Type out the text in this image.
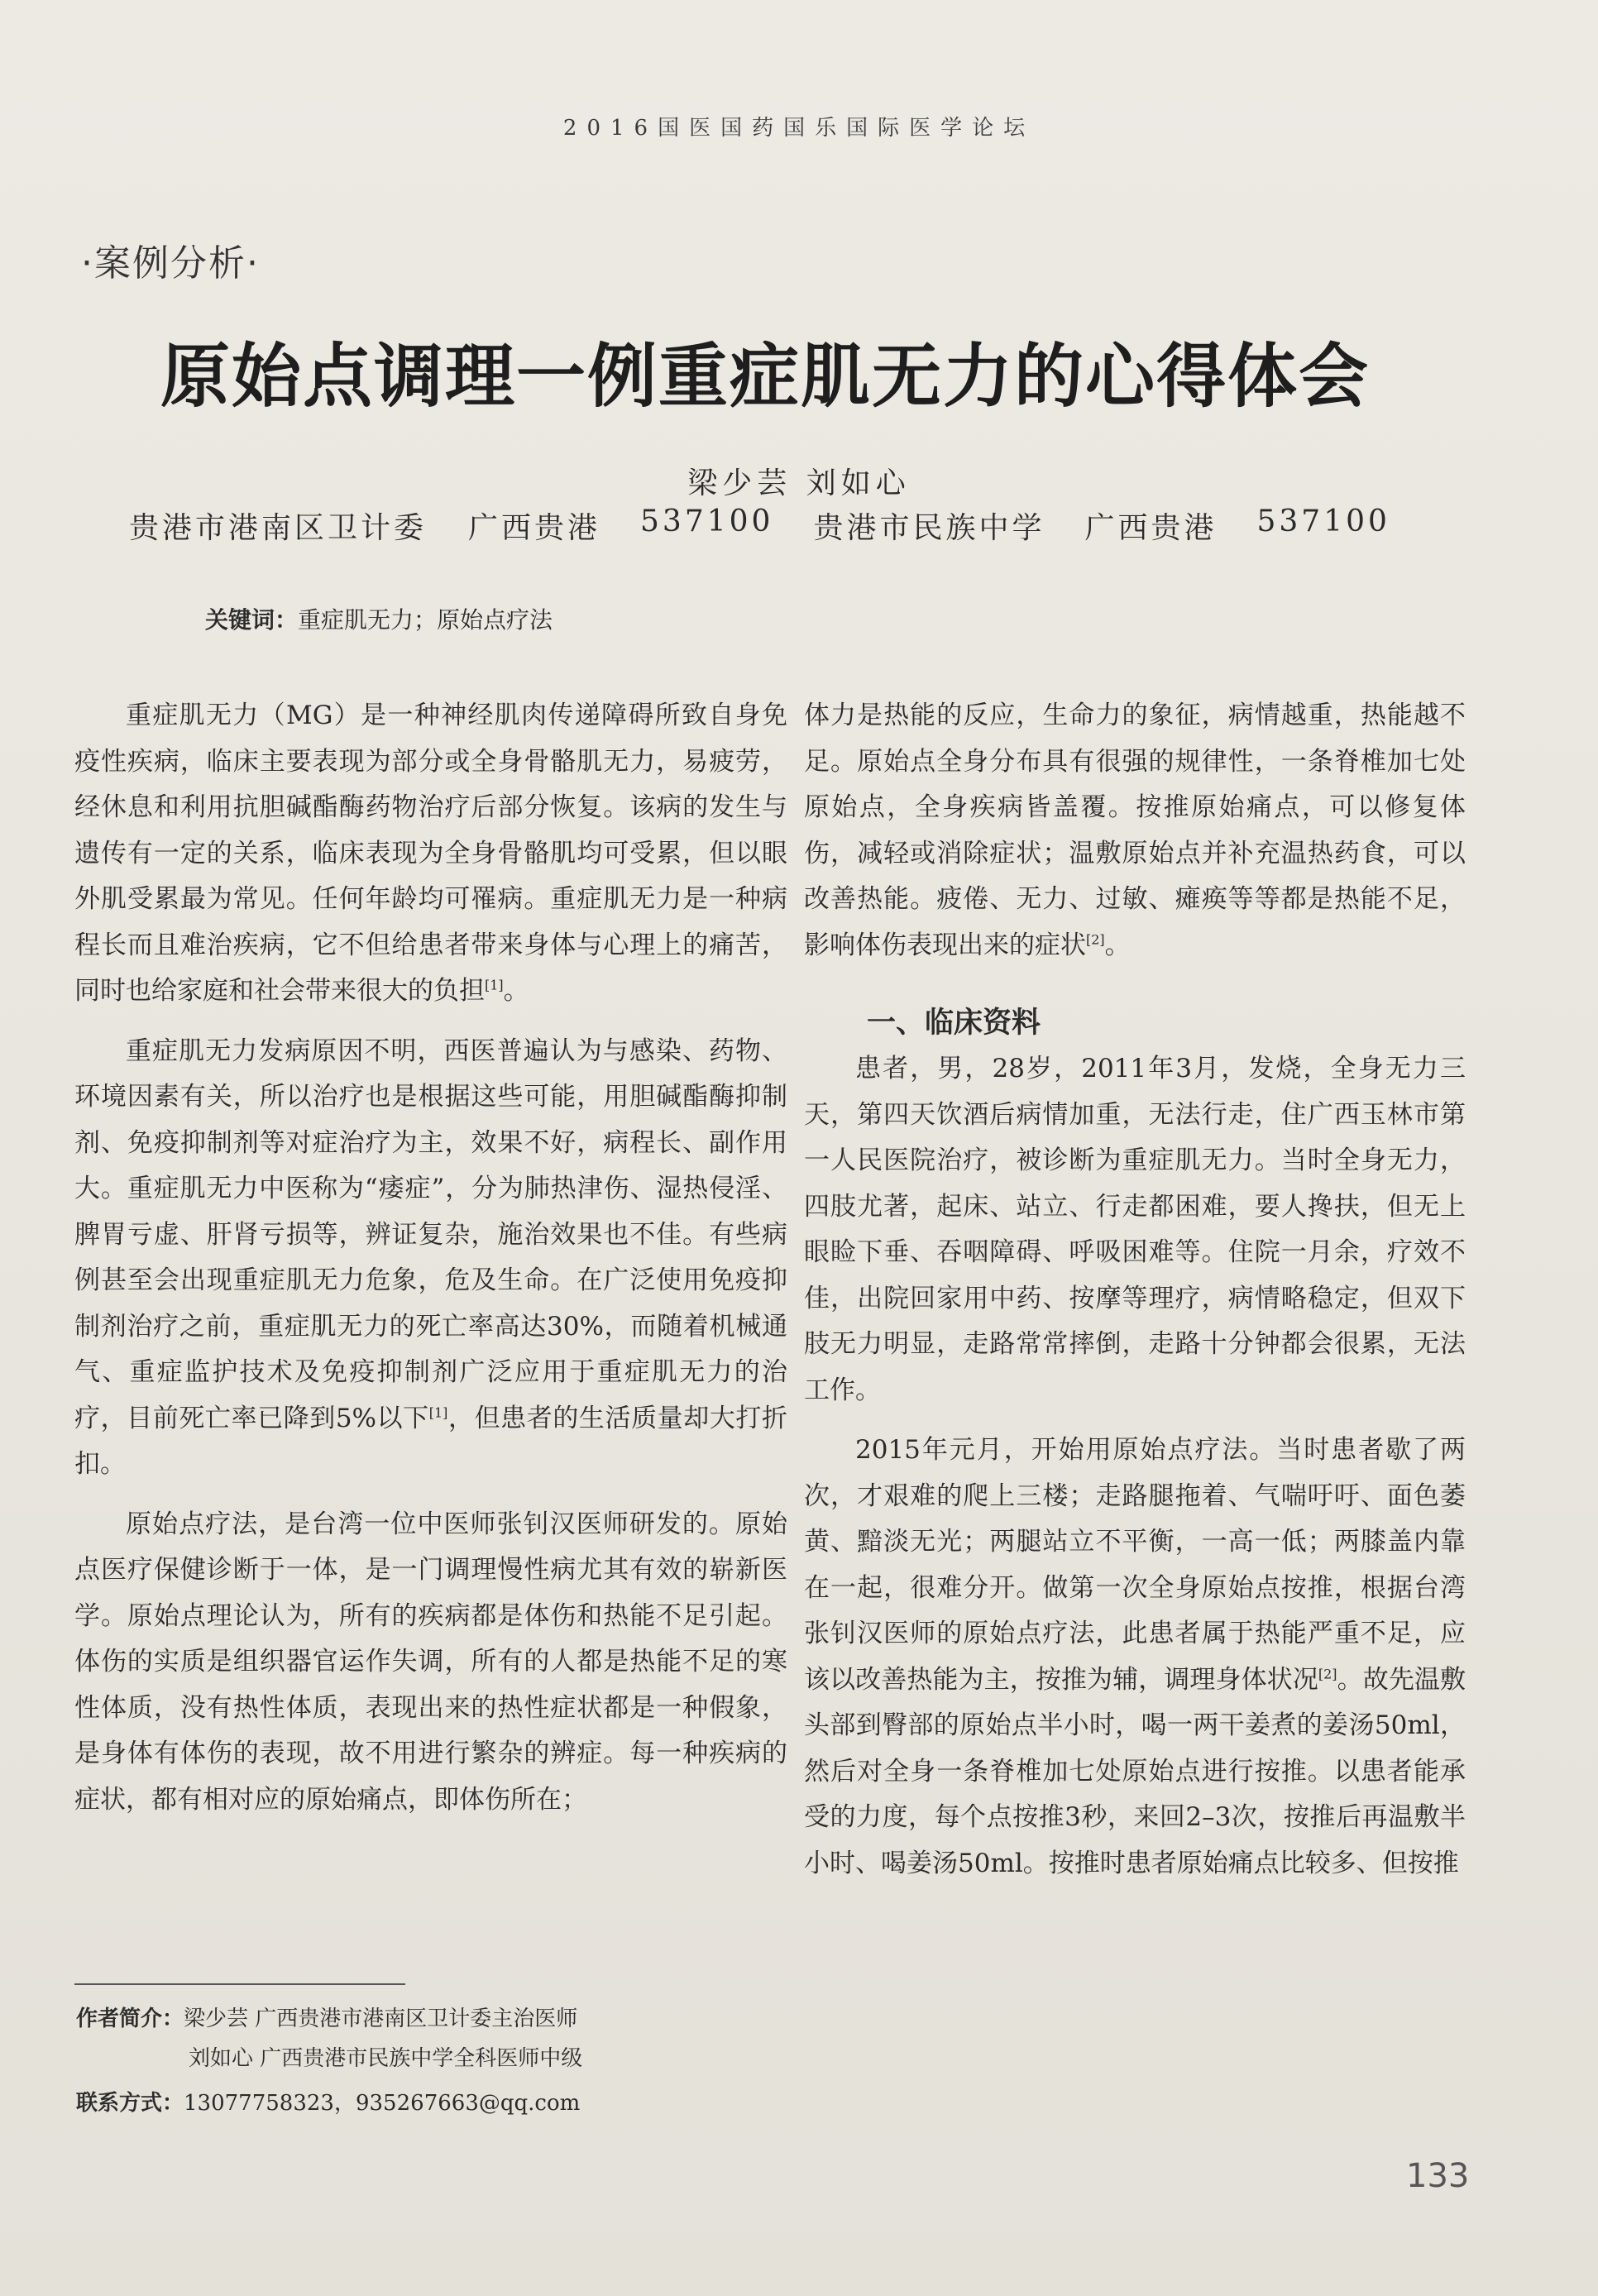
2016国医国药国乐国际医学论坛
·案例分析·
原始点调理一例重症肌无力的心得体会
梁少芸 刘如心
贵港市港南区卫计委 广西贵港 537100 贵港市民族中学 广西贵港 537100
关键词：重症肌无力；原始点疗法

重症肌无力（MG）是一种神经肌肉传递障碍所致自身免疫性疾病，临床主要表现为部分或全身骨骼肌无力，易疲劳，经休息和利用抗胆碱酯酶药物治疗后部分恢复。该病的发生与遗传有一定的关系，临床表现为全身骨骼肌均可受累，但以眼外肌受累最为常见。任何年龄均可罹病。重症肌无力是一种病程长而且难治疾病，它不但给患者带来身体与心理上的痛苦，同时也给家庭和社会带来很大的负担[1]。

重症肌无力发病原因不明，西医普遍认为与感染、药物、环境因素有关，所以治疗也是根据这些可能，用胆碱酯酶抑制剂、免疫抑制剂等对症治疗为主，效果不好，病程长、副作用大。重症肌无力中医称为“痿症”，分为肺热津伤、湿热侵淫、脾胃亏虚、肝肾亏损等，辨证复杂，施治效果也不佳。有些病例甚至会出现重症肌无力危象，危及生命。在广泛使用免疫抑制剂治疗之前，重症肌无力的死亡率高达30%，而随着机械通气、重症监护技术及免疫抑制剂广泛应用于重症肌无力的治疗，目前死亡率已降到5%以下[1]，但患者的生活质量却大打折扣。

原始点疗法，是台湾一位中医师张钊汉医师研发的。原始点医疗保健诊断于一体，是一门调理慢性病尤其有效的崭新医学。原始点理论认为，所有的疾病都是体伤和热能不足引起。体伤的实质是组织器官运作失调，所有的人都是热能不足的寒性体质，没有热性体质，表现出来的热性症状都是一种假象，是身体有体伤的表现，故不用进行繁杂的辨症。每一种疾病的症状，都有相对应的原始痛点，即体伤所在；

体力是热能的反应，生命力的象征，病情越重，热能越不足。原始点全身分布具有很强的规律性，一条脊椎加七处原始点，全身疾病皆盖覆。按推原始痛点，可以修复体伤，减轻或消除症状；温敷原始点并补充温热药食，可以改善热能。疲倦、无力、过敏、瘫痪等等都是热能不足，影响体伤表现出来的症状[2]。

一、临床资料

患者，男，28岁，2011年3月，发烧，全身无力三天，第四天饮酒后病情加重，无法行走，住广西玉林市第一人民医院治疗，被诊断为重症肌无力。当时全身无力，四肢尤著，起床、站立、行走都困难，要人搀扶，但无上眼睑下垂、吞咽障碍、呼吸困难等。住院一月余，疗效不佳，出院回家用中药、按摩等理疗，病情略稳定，但双下肢无力明显，走路常常摔倒，走路十分钟都会很累，无法工作。

2015年元月，开始用原始点疗法。当时患者歇了两次，才艰难的爬上三楼；走路腿拖着、气喘吁吁、面色萎黄、黯淡无光；两腿站立不平衡，一高一低；两膝盖内靠在一起，很难分开。做第一次全身原始点按推，根据台湾张钊汉医师的原始点疗法，此患者属于热能严重不足，应该以改善热能为主，按推为辅，调理身体状况[2]。故先温敷头部到臀部的原始点半小时，喝一两干姜煮的姜汤50ml，然后对全身一条脊椎加七处原始点进行按推。以患者能承受的力度，每个点按推3秒，来回2–3次，按推后再温敷半小时、喝姜汤50ml。按推时患者原始痛点比较多、但按推

作者简介：梁少芸 广西贵港市港南区卫计委主治医师
刘如心 广西贵港市民族中学全科医师中级
联系方式：13077758323，935267663@qq.com
133
